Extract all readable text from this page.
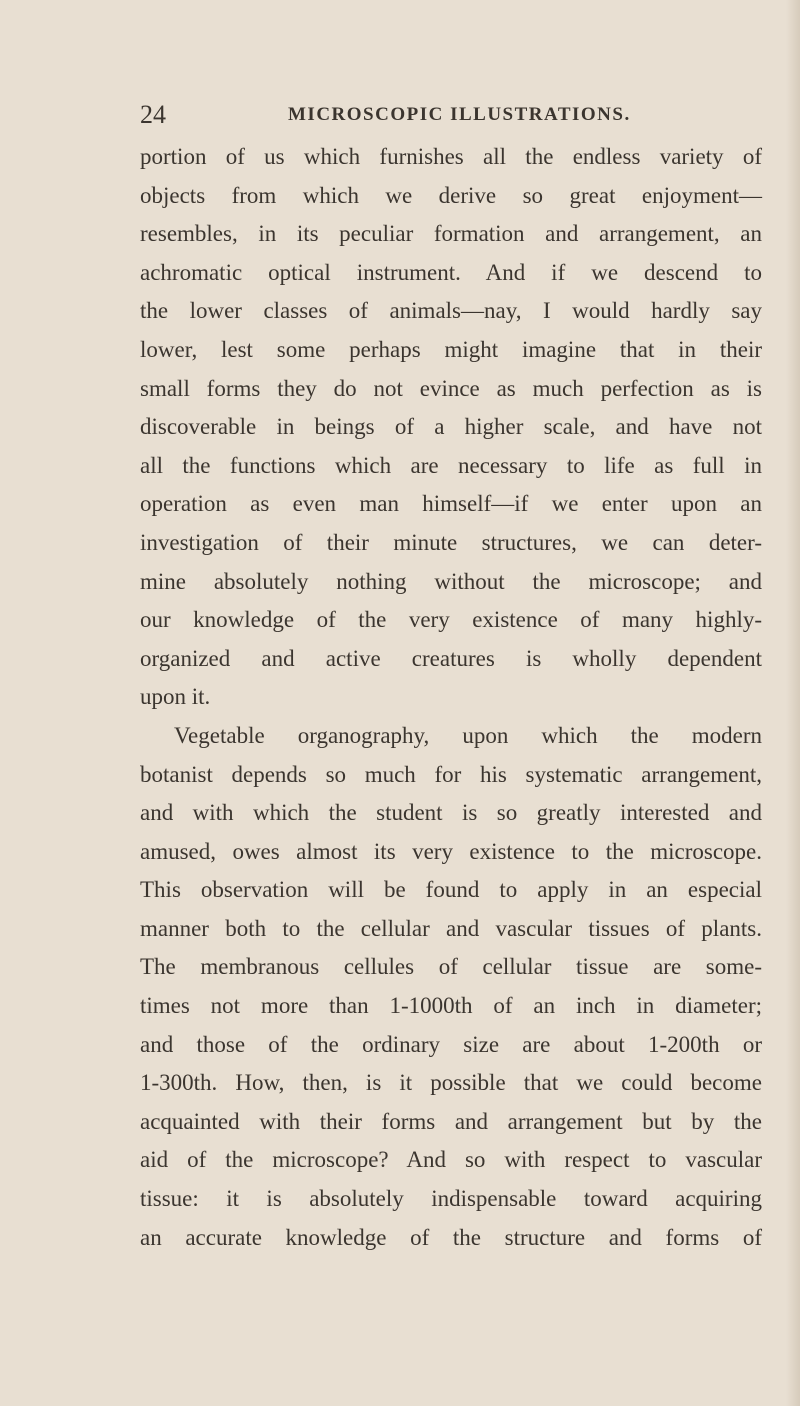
24	MICROSCOPIC ILLUSTRATIONS.
portion of us which furnishes all the endless variety of
objects from which we derive so great enjoyment—
resembles, in its peculiar formation and arrangement, an
achromatic optical instrument. And if we descend to
the lower classes of animals—nay, I would hardly say
lower, lest some perhaps might imagine that in their
small forms they do not evince as much perfection as is
discoverable in beings of a higher scale, and have not
all the functions which are necessary to life as full in
operation as even man himself—if we enter upon an
investigation of their minute structures, we can deter-
mine absolutely nothing without the microscope; and
our knowledge of the very existence of many highly-
organized and active creatures is wholly dependent
upon it.
Vegetable organography, upon which the modern
botanist depends so much for his systematic arrangement,
and with which the student is so greatly interested and
amused, owes almost its very existence to the microscope.
This observation will be found to apply in an especial
manner both to the cellular and vascular tissues of plants.
The membranous cellules of cellular tissue are some-
times not more than 1-1000th of an inch in diameter;
and those of the ordinary size are about 1-200th or
1-300th. How, then, is it possible that we could become
acquainted with their forms and arrangement but by the
aid of the microscope? And so with respect to vascular
tissue: it is absolutely indispensable toward acquiring
an accurate knowledge of the structure and forms of
